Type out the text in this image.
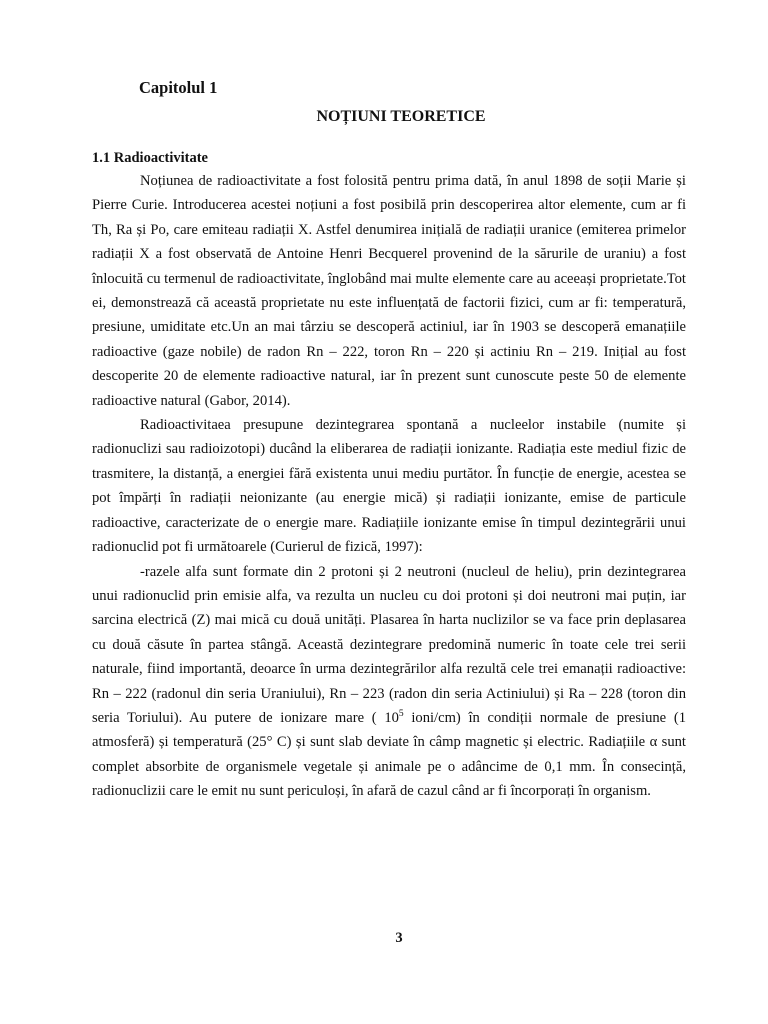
Capitolul 1
NOȚIUNI TEORETICE
1.1 Radioactivitate

Noțiunea de radioactivitate a fost folosită pentru prima dată, în anul 1898 de soții Marie și Pierre Curie. Introducerea acestei noțiuni a fost posibilă prin descoperirea altor elemente, cum ar fi Th, Ra și Po, care emiteau radiații X. Astfel denumirea inițială de radiații uranice (emiterea primelor radiații X a fost observată de Antoine Henri Becquerel provenind de la sărurile de uraniu) a fost înlocuită cu termenul de radioactivitate, înglobând mai multe elemente care au aceeași proprietate.Tot ei, demonstrează că această proprietate nu este influențată de factorii fizici, cum ar fi: temperatură, presiune, umiditate etc.Un an mai târziu se descoperă actiniul, iar în 1903 se descoperă emanațiile radioactive (gaze nobile) de radon Rn – 222, toron Rn – 220 și actiniu Rn – 219. Inițial au fost descoperite 20 de elemente radioactive natural, iar în prezent sunt cunoscute peste 50 de elemente radioactive natural (Gabor, 2014).

Radioactivitaea presupune dezintegrarea spontană a nucleelor instabile (numite și radionuclizi sau radioizotopi) ducând la eliberarea de radiații ionizante. Radiația este mediul fizic de trasmitere, la distanță, a energiei fără existenta unui mediu purtător. În funcție de energie, acestea se pot împărți în radiații neionizante (au energie mică) și radiații ionizante, emise de particule radioactive, caracterizate de o energie mare. Radiațiile ionizante emise în timpul dezintegrării unui radionuclid pot fi următoarele (Curierul de fizică, 1997):

-razele alfa sunt formate din 2 protoni și 2 neutroni (nucleul de heliu), prin dezintegrarea unui radionuclid prin emisie alfa, va rezulta un nucleu cu doi protoni și doi neutroni mai puțin, iar sarcina electrică (Z) mai mică cu două unități. Plasarea în harta nuclizilor se va face prin deplasarea cu două căsute în partea stângă. Această dezintegrare predomină numeric în toate cele trei serii naturale, fiind importantă, deoarce în urma dezintegrărilor alfa rezultă cele trei emanații radioactive: Rn – 222 (radonul din seria Uraniului), Rn – 223 (radon din seria Actiniului) și Ra – 228 (toron din seria Toriului). Au putere de ionizare mare ( $10^5$ ioni/cm) în condiții normale de presiune (1 atmosferă) și temperatură (25° C) și sunt slab deviate în câmp magnetic și electric. Radiațiile α sunt complet absorbite de organismele vegetale și animale pe o adâncime de 0,1 mm. În consecință, radionuclizii care le emit nu sunt periculoși, în afară de cazul când ar fi încorporați în organism.

3
